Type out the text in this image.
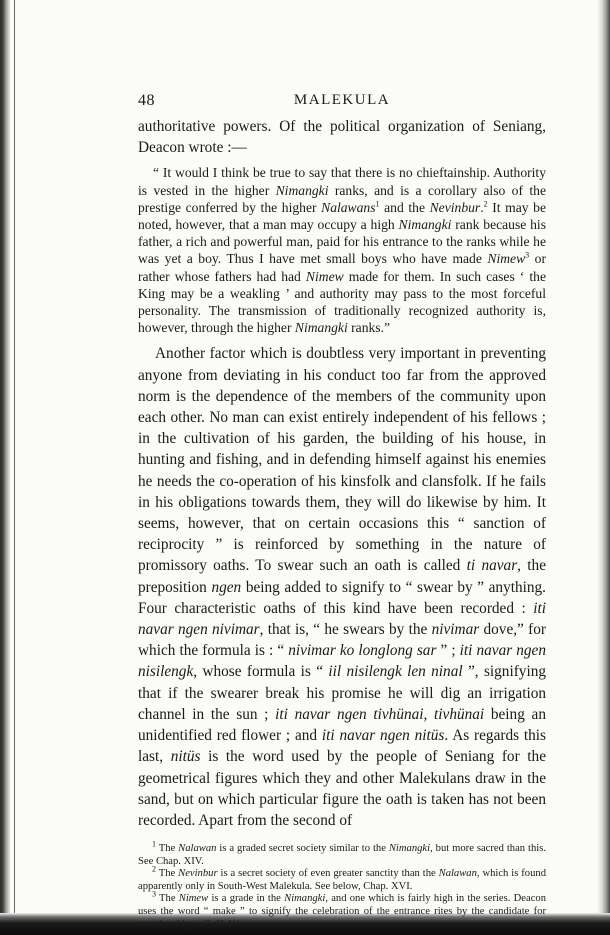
48	MALEKULA

authoritative powers. Of the political organization of Seniang, Deacon wrote :—

“ It would I think be true to say that there is no chieftainship. Authority is vested in the higher Nimangki ranks, and is a corollary also of the prestige conferred by the higher Nalawans$^1$ and the Nevinbur.$^2$ It may be noted, however, that a man may occupy a high Nimangki rank because his father, a rich and powerful man, paid for his entrance to the ranks while he was yet a boy. Thus I have met small boys who have made Nimew$^3$ or rather whose fathers had had Nimew made for them. In such cases ‘ the King may be a weakling ’ and authority may pass to the most forceful personality. The transmission of traditionally recognized authority is, however, through the higher Nimangki ranks.”

Another factor which is doubtless very important in preventing anyone from deviating in his conduct too far from the approved norm is the dependence of the members of the community upon each other. No man can exist entirely independent of his fellows ; in the cultivation of his garden, the building of his house, in hunting and fishing, and in defending himself against his enemies he needs the co-operation of his kinsfolk and clansfolk. If he fails in his obligations towards them, they will do likewise by him. It seems, however, that on certain occasions this “ sanction of reciprocity ” is reinforced by something in the nature of promissory oaths. To swear such an oath is called ti navar, the preposition ngen being added to signify to “ swear by ” anything. Four characteristic oaths of this kind have been recorded : iti navar ngen nivimar, that is, “ he swears by the nivimar dove,” for which the formula is : “ nivimar ko longlong sar ” ; iti navar ngen nisilengk, whose formula is “ iil nisilengk len ninal ”, signifying that if the swearer break his promise he will dig an irrigation channel in the sun ; iti navar ngen tivhünai, tivhünai being an unidentified red flower ; and iti navar ngen nitüs. As regards this last, nitüs is the word used by the people of Seniang for the geometrical figures which they and other Malekulans draw in the sand, but on which particular figure the oath is taken has not been recorded. Apart from the second of

$^1$ The Nalawan is a graded secret society similar to the Nimangki, but more sacred than this. See Chap. XIV.

$^2$ The Nevinbur is a secret society of even greater sanctity than the Nalawan, which is found apparently only in South-West Malekula. See below, Chap. XVI.

$^3$ The Nimew is a grade in the Nimangki, and one which is fairly high in the series. Deacon uses the word “ make ” to signify the celebration of the entrance rites by the candidate for membership.—C. H. W.
